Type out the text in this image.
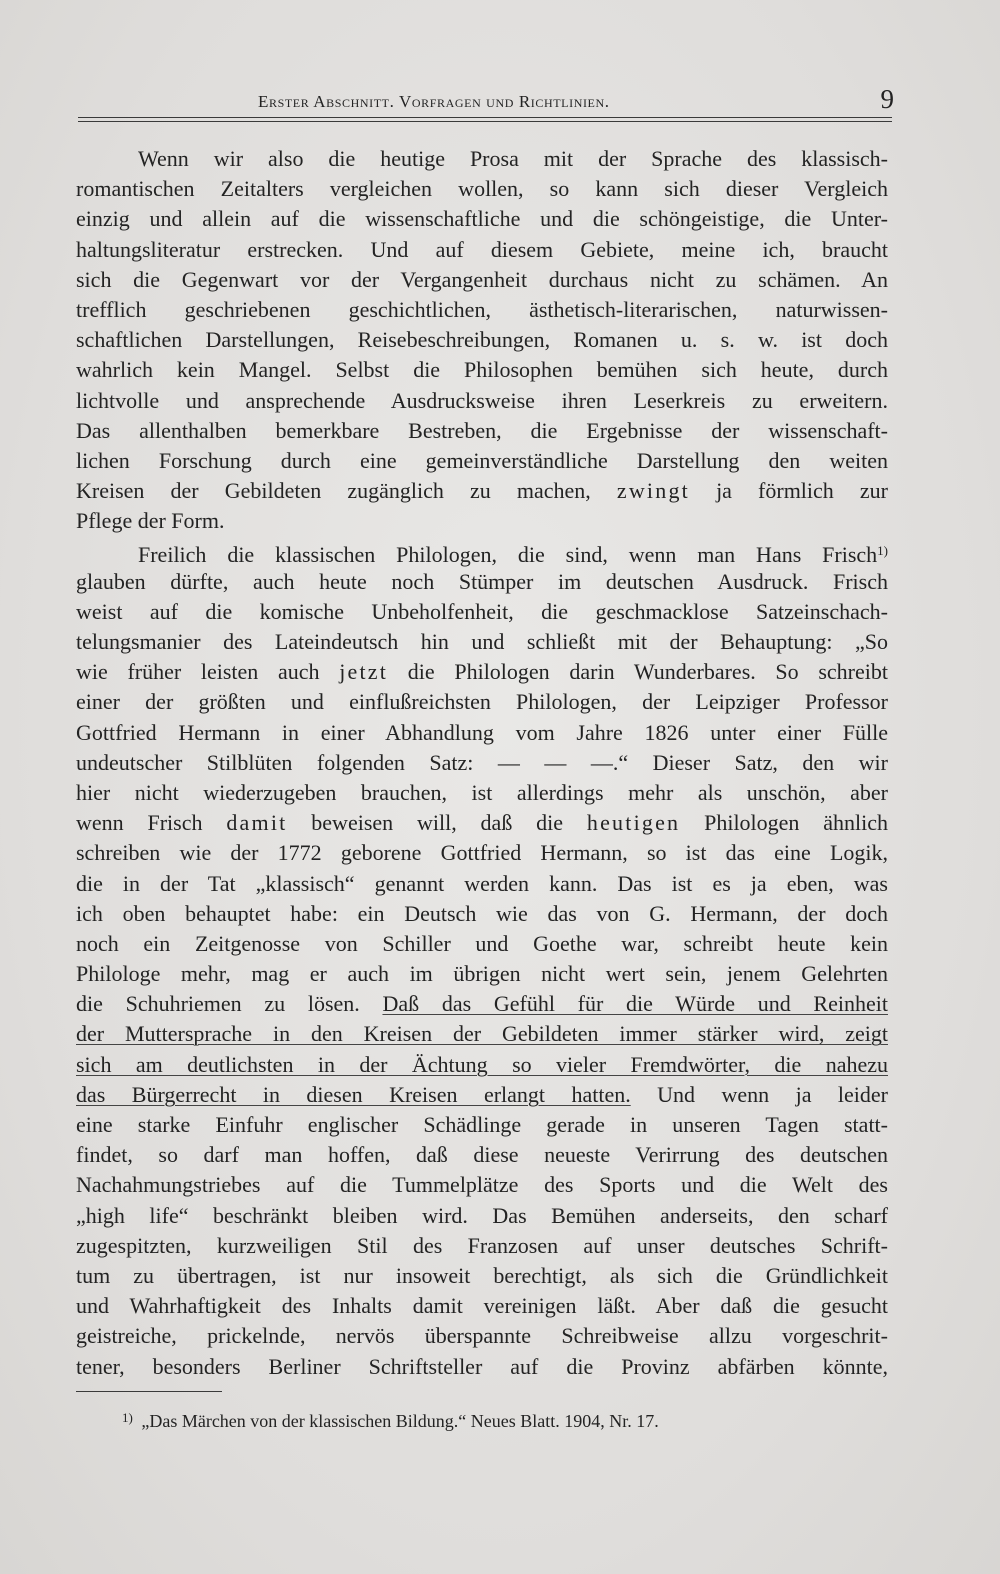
Erster Abschnitt. Vorfragen und Richtlinien.	9
Wenn wir also die heutige Prosa mit der Sprache des klassisch-
romantischen Zeitalters vergleichen wollen, so kann sich dieser Vergleich
einzig und allein auf die wissenschaftliche und die schöngeistige, die Unter-
haltungsliteratur erstrecken. Und auf diesem Gebiete, meine ich, braucht
sich die Gegenwart vor der Vergangenheit durchaus nicht zu schämen. An
trefflich geschriebenen geschichtlichen, ästhetisch-literarischen, naturwissen-
schaftlichen Darstellungen, Reisebeschreibungen, Romanen u. s. w. ist doch
wahrlich kein Mangel. Selbst die Philosophen bemühen sich heute, durch
lichtvolle und ansprechende Ausdrucksweise ihren Leserkreis zu erweitern.
Das allenthalben bemerkbare Bestreben, die Ergebnisse der wissenschaft-
lichen Forschung durch eine gemeinverständliche Darstellung den weiten
Kreisen der Gebildeten zugänglich zu machen, zwingt ja förmlich zur
Pflege der Form.
Freilich die klassischen Philologen, die sind, wenn man Hans Frisch$^{1)}$
glauben dürfte, auch heute noch Stümper im deutschen Ausdruck. Frisch
weist auf die komische Unbeholfenheit, die geschmacklose Satzeinschach-
telungsmanier des Lateindeutsch hin und schließt mit der Behauptung: „So
wie früher leisten auch jetzt die Philologen darin Wunderbares. So schreibt
einer der größten und einflußreichsten Philologen, der Leipziger Professor
Gottfried Hermann in einer Abhandlung vom Jahre 1826 unter einer Fülle
undeutscher Stilblüten folgenden Satz: — — —.“ Dieser Satz, den wir
hier nicht wiederzugeben brauchen, ist allerdings mehr als unschön, aber
wenn Frisch damit beweisen will, daß die heutigen Philologen ähnlich
schreiben wie der 1772 geborene Gottfried Hermann, so ist das eine Logik,
die in der Tat „klassisch“ genannt werden kann. Das ist es ja eben, was
ich oben behauptet habe: ein Deutsch wie das von G. Hermann, der doch
noch ein Zeitgenosse von Schiller und Goethe war, schreibt heute kein
Philologe mehr, mag er auch im übrigen nicht wert sein, jenem Gelehrten
die Schuhriemen zu lösen. Daß das Gefühl für die Würde und Reinheit
der Muttersprache in den Kreisen der Gebildeten immer stärker wird, zeigt
sich am deutlichsten in der Ächtung so vieler Fremdwörter, die nahezu
das Bürgerrecht in diesen Kreisen erlangt hatten. Und wenn ja leider
eine starke Einfuhr englischer Schädlinge gerade in unseren Tagen statt-
findet, so darf man hoffen, daß diese neueste Verirrung des deutschen
Nachahmungstriebes auf die Tummelplätze des Sports und die Welt des
„high life“ beschränkt bleiben wird. Das Bemühen anderseits, den scharf
zugespitzten, kurzweiligen Stil des Franzosen auf unser deutsches Schrift-
tum zu übertragen, ist nur insoweit berechtigt, als sich die Gründlichkeit
und Wahrhaftigkeit des Inhalts damit vereinigen läßt. Aber daß die gesucht
geistreiche, prickelnde, nervös überspannte Schreibweise allzu vorgeschrit-
tener, besonders Berliner Schriftsteller auf die Provinz abfärben könnte,
$^{1)}$ „Das Märchen von der klassischen Bildung.“ Neues Blatt. 1904, Nr. 17.
